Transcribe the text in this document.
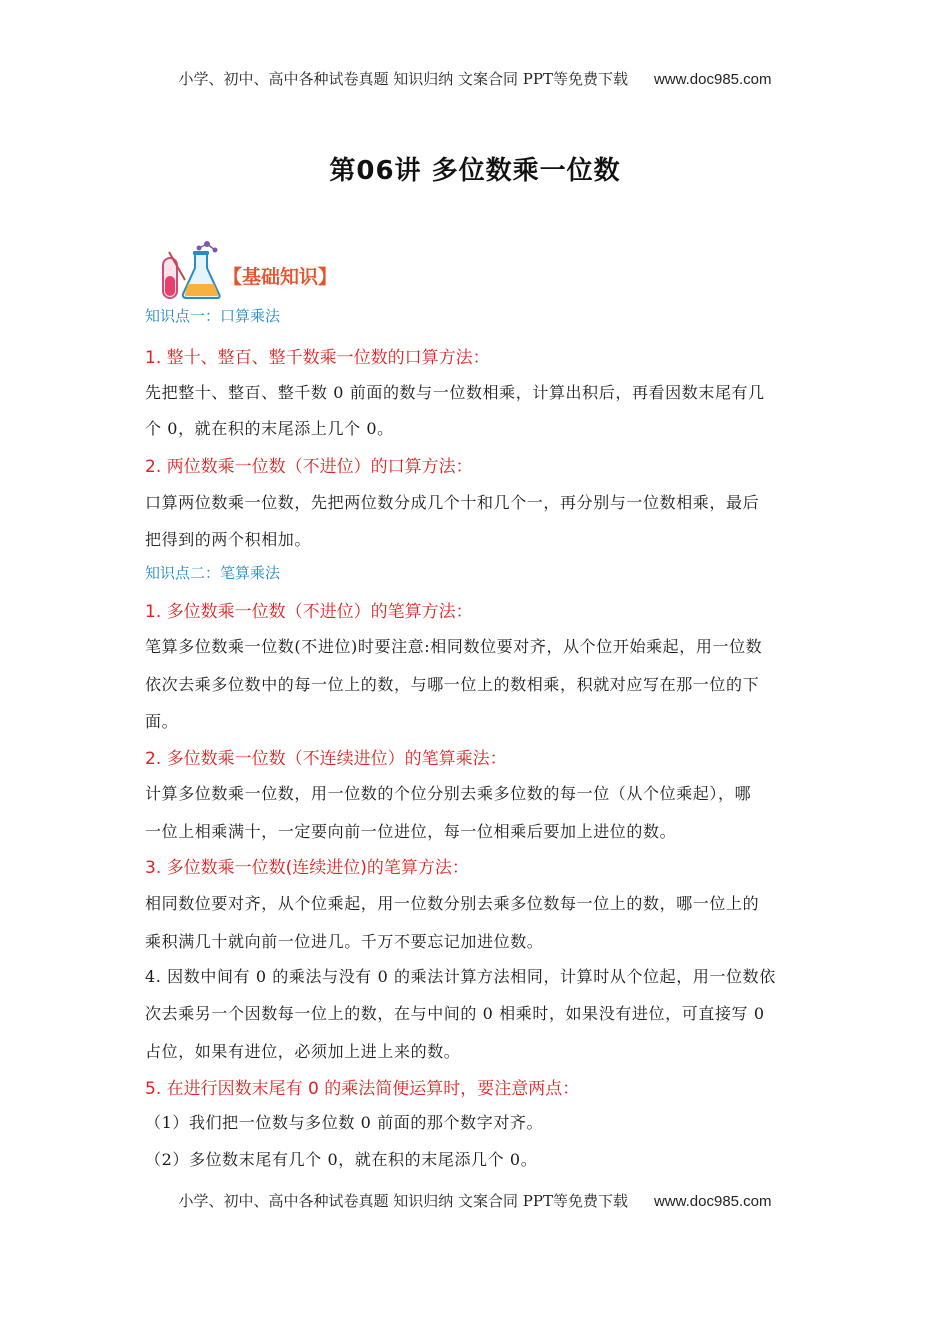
小学、初中、高中各种试卷真题 知识归纳 文案合同 PPT等免费下载 www.doc985.com
第06讲 多位数乘一位数
【基础知识】
知识点一：口算乘法
1. 整十、整百、整千数乘一位数的口算方法：
先把整十、整百、整千数 0 前面的数与一位数相乘，计算出积后，再看因数末尾有几
个 0，就在积的末尾添上几个 0。
2. 两位数乘一位数（不进位）的口算方法：
口算两位数乘一位数，先把两位数分成几个十和几个一，再分别与一位数相乘，最后
把得到的两个积相加。
知识点二：笔算乘法
1. 多位数乘一位数（不进位）的笔算方法：
笔算多位数乘一位数(不进位)时要注意:相同数位要对齐，从个位开始乘起，用一位数
依次去乘多位数中的每一位上的数，与哪一位上的数相乘，积就对应写在那一位的下
面。
2. 多位数乘一位数（不连续进位）的笔算乘法：
计算多位数乘一位数，用一位数的个位分别去乘多位数的每一位（从个位乘起），哪
一位上相乘满十，一定要向前一位进位，每一位相乘后要加上进位的数。
3. 多位数乘一位数(连续进位)的笔算方法：
相同数位要对齐，从个位乘起，用一位数分别去乘多位数每一位上的数，哪一位上的
乘积满几十就向前一位进几。千万不要忘记加进位数。
4. 因数中间有 0 的乘法与没有 0 的乘法计算方法相同，计算时从个位起，用一位数依
次去乘另一个因数每一位上的数，在与中间的 0 相乘时，如果没有进位，可直接写 0
占位，如果有进位，必须加上进上来的数。
5. 在进行因数末尾有 0 的乘法简便运算时，要注意两点：
（1）我们把一位数与多位数 0 前面的那个数字对齐。
（2）多位数末尾有几个 0，就在积的末尾添几个 0。
小学、初中、高中各种试卷真题 知识归纳 文案合同 PPT等免费下载 www.doc985.com
